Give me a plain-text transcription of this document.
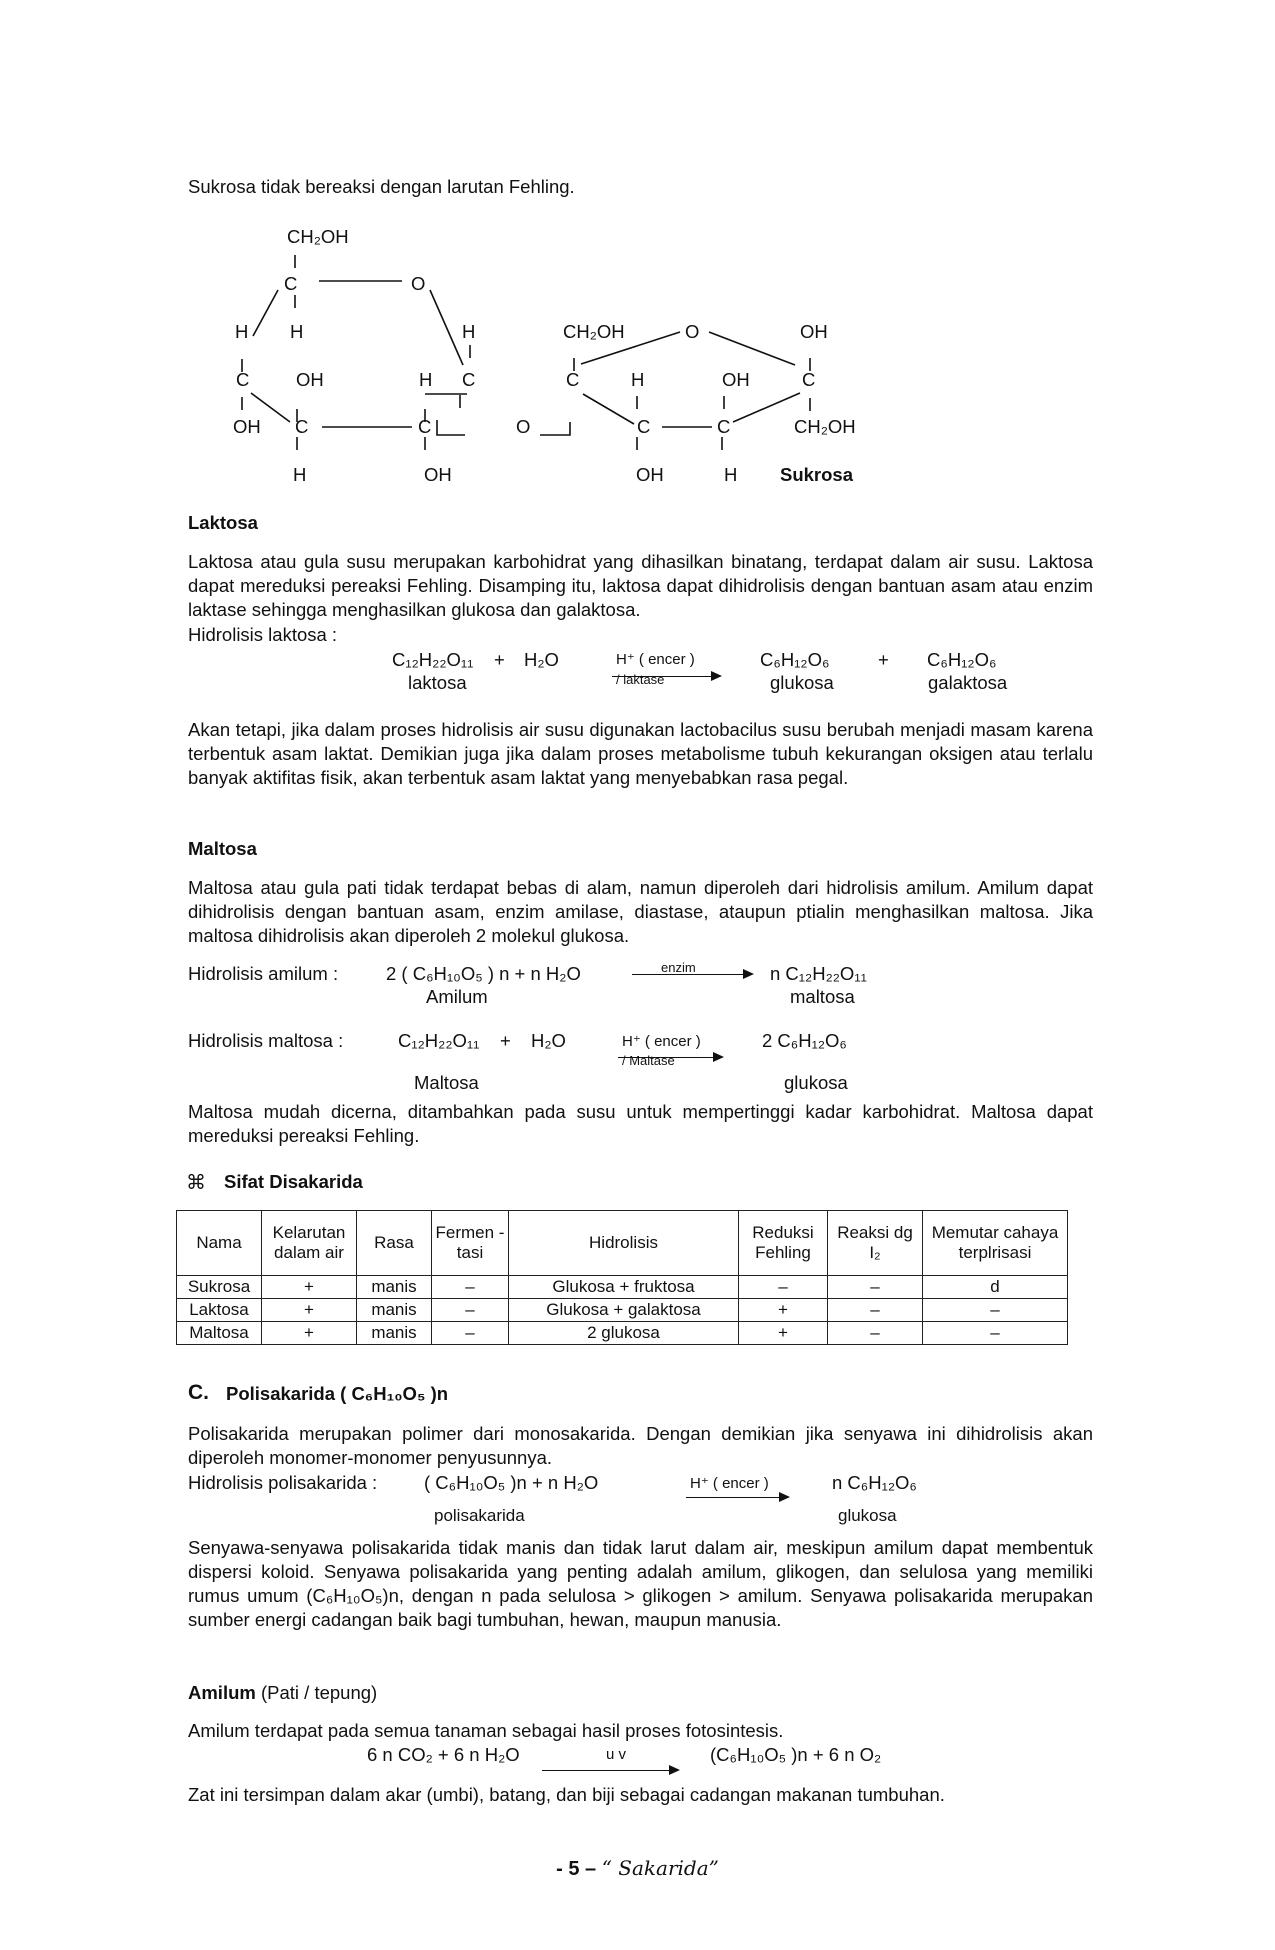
Sukrosa tidak bereaksi dengan larutan Fehling.
CH₂OH
C	O
H H	H	CH₂OH	O	OH
C	OH	H C	C	H	OH	C
OH C	C	O	C	C	CH₂OH
H	OH	OH	H Sukrosa
Laktosa
Laktosa atau gula susu merupakan karbohidrat yang dihasilkan binatang, terdapat dalam air susu. Laktosa dapat mereduksi pereaksi Fehling. Disamping itu, laktosa dapat dihidrolisis dengan bantuan asam atau enzim laktase sehingga menghasilkan glukosa dan galaktosa.
Hidrolisis laktosa :
C₁₂H₂₂O₁₁ + H₂O	H⁺ ( encer )
/ laktase
C₆H₁₂O₆	+ C₆H₁₂O₆
laktosa	glukosa	galaktosa
Akan tetapi, jika dalam proses hidrolisis air susu digunakan lactobacilus susu berubah menjadi masam karena terbentuk asam laktat. Demikian juga jika dalam proses metabolisme tubuh kekurangan oksigen atau terlalu banyak aktifitas fisik, akan terbentuk asam laktat yang menyebabkan rasa pegal.
Maltosa
Maltosa atau gula pati tidak terdapat bebas di alam, namun diperoleh dari hidrolisis amilum. Amilum dapat dihidrolisis dengan bantuan asam, enzim amilase, diastase, ataupun ptialin menghasilkan maltosa. Jika maltosa dihidrolisis akan diperoleh 2 molekul glukosa.
Hidrolisis amilum :	2 ( C₆H₁₀O₅ ) n + n H₂O	enzim	n C₁₂H₂₂O₁₁
Amilum	maltosa
Hidrolisis maltosa :	C₁₂H₂₂O₁₁ + H₂O	H⁺ ( encer )
/ Maltase
2 C₆H₁₂O₆
Maltosa	glukosa
Maltosa mudah dicerna, ditambahkan pada susu untuk mempertinggi kadar karbohidrat. Maltosa dapat mereduksi pereaksi Fehling.
⌘ Sifat Disakarida
Nama	Kelarutan dalam air	Rasa	Fermen -tasi	Hidrolisis	Reduksi Fehling	Reaksi dg I₂	Memutar cahaya terplrisasi
Sukrosa	+	manis	–	Glukosa + fruktosa	–	–	d
Laktosa	+	manis	–	Glukosa + galaktosa	+	–	–
Maltosa	+	manis	–	2 glukosa	+	–	–
C. Polisakarida ( C₆H₁₀O₅ )n
Polisakarida merupakan polimer dari monosakarida. Dengan demikian jika senyawa ini dihidrolisis akan diperoleh monomer-monomer penyusunnya.
Hidrolisis polisakarida :	( C₆H₁₀O₅ )n + n H₂O	H⁺ ( encer )	n C₆H₁₂O₆
polisakarida	glukosa
Senyawa-senyawa polisakarida tidak manis dan tidak larut dalam air, meskipun amilum dapat membentuk dispersi koloid. Senyawa polisakarida yang penting adalah amilum, glikogen, dan selulosa yang memiliki rumus umum (C₆H₁₀O₅)n, dengan n pada selulosa > glikogen > amilum. Senyawa polisakarida merupakan sumber energi cadangan baik bagi tumbuhan, hewan, maupun manusia.
Amilum (Pati / tepung)
Amilum terdapat pada semua tanaman sebagai hasil proses fotosintesis.
6 n CO₂ + 6 n H₂O	u v	(C₆H₁₀O₅ )n + 6 n O₂
Zat ini tersimpan dalam akar (umbi), batang, dan biji sebagai cadangan makanan tumbuhan.
- 5 – “ Sakarida”
